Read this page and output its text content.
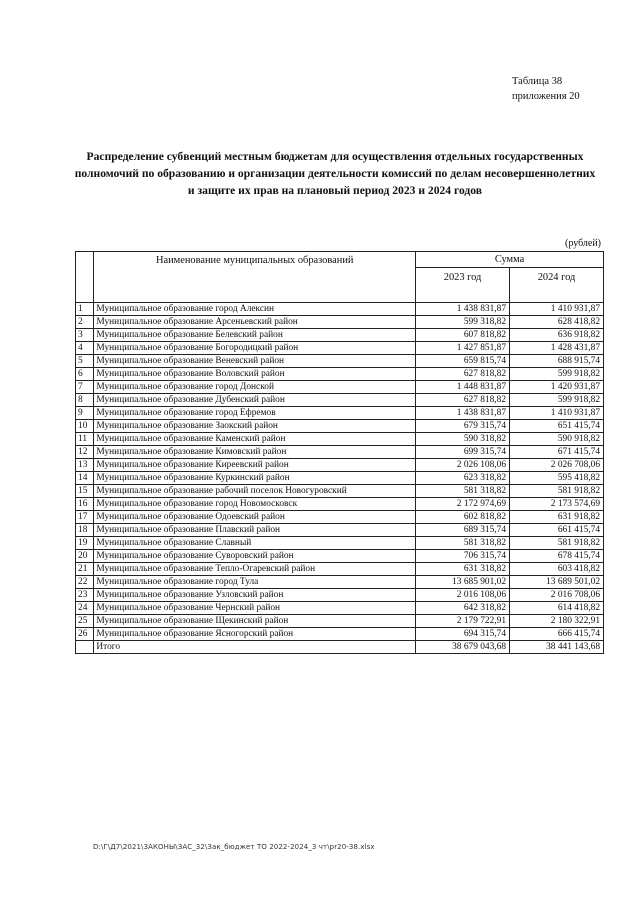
Таблица 38
приложения 20
Распределение субвенций местным бюджетам для осуществления отдельных государственных полномочий по образованию и организации деятельности комиссий по делам несовершеннолетних и защите их прав на плановый период 2023 и 2024 годов
(рублей)
	Наименование муниципальных образований	Сумма	
		2023 год	2024 год
1	Муниципальное образование город Алексин	1 438 831,87	1 410 931,87
2	Муниципальное образование Арсеньевский район	599 318,82	628 418,82
3	Муниципальное образование Белевский район	607 818,82	636 918,82
4	Муниципальное образование Богородицкий район	1 427 851,87	1 428 431,87
5	Муниципальное образование Веневский район	659 815,74	688 915,74
6	Муниципальное образование Воловский район	627 818,82	599 918,82
7	Муниципальное образование город Донской	1 448 831,87	1 420 931,87
8	Муниципальное образование Дубенский район	627 818,82	599 918,82
9	Муниципальное образование город Ефремов	1 438 831,87	1 410 931,87
10	Муниципальное образование Заокский район	679 315,74	651 415,74
11	Муниципальное образование Каменский район	590 318,82	590 918,82
12	Муниципальное образование Кимовский район	699 315,74	671 415,74
13	Муниципальное образование Киреевский район	2 026 108,06	2 026 708,06
14	Муниципальное образование Куркинский район	623 318,82	595 418,82
15	Муниципальное образование рабочий поселок Новогуровский	581 318,82	581 918,82
16	Муниципальное образование город Новомосковск	2 172 974,69	2 173 574,69
17	Муниципальное образование Одоевский район	602 818,82	631 918,82
18	Муниципальное образование Плавский район	689 315,74	661 415,74
19	Муниципальное образование Славный	581 318,82	581 918,82
20	Муниципальное образование Суворовский район	706 315,74	678 415,74
21	Муниципальное образование Тепло-Огаревский район	631 318,82	603 418,82
22	Муниципальное образование город Тула	13 685 901,02	13 689 501,02
23	Муниципальное образование Узловский район	2 016 108,06	2 016 708,06
24	Муниципальное образование Чернский район	642 318,82	614 418,82
25	Муниципальное образование Щекинский район	2 179 722,91	2 180 322,91
26	Муниципальное образование Ясногорский район	694 315,74	666 415,74
	Итого	38 679 043,68	38 441 143,68
D:\Г\Д7\2021\ЗАКОНЫ\ЗАС_32\Зак_бюджет ТО 2022-2024_3 чт\pr20-38.xlsx
